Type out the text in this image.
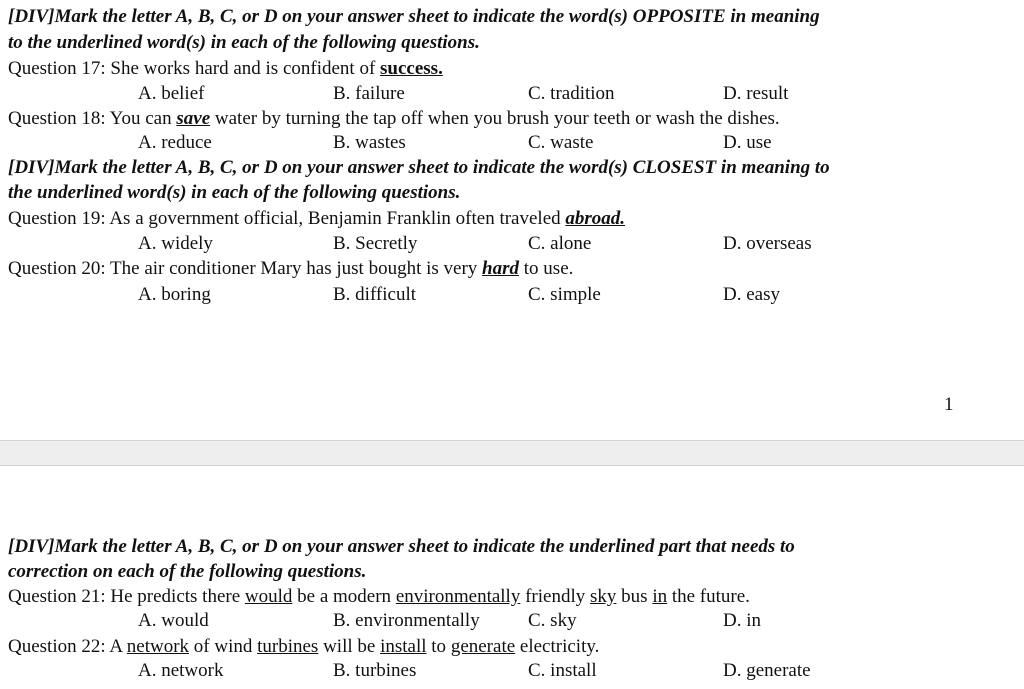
[DIV]Mark the letter A, B, C, or D on your answer sheet to indicate the word(s) OPPOSITE in meaning
to the underlined word(s) in each of the following questions.
Question 17: She works hard and is confident of success.
A. belief	B. failure	C. tradition	D. result
Question 18: You can save water by turning the tap off when you brush your teeth or wash the dishes.
A. reduce	B. wastes	C. waste	D. use
[DIV]Mark the letter A, B, C, or D on your answer sheet to indicate the word(s) CLOSEST in meaning to
the underlined word(s) in each of the following questions.
Question 19: As a government official, Benjamin Franklin often traveled abroad.
A. widely	B. Secretly	C. alone	D. overseas
Question 20: The air conditioner Mary has just bought is very hard to use.
A. boring	B. difficult	C. simple	D. easy
1
[DIV]Mark the letter A, B, C, or D on your answer sheet to indicate the underlined part that needs to
correction on each of the following questions.
Question 21: He predicts there would be a modern environmentally friendly sky bus in the future.
A. would	B. environmentally	C. sky	D. in
Question 22: A network of wind turbines will be install to generate electricity.
A. network	B. turbines	C. install	D. generate
